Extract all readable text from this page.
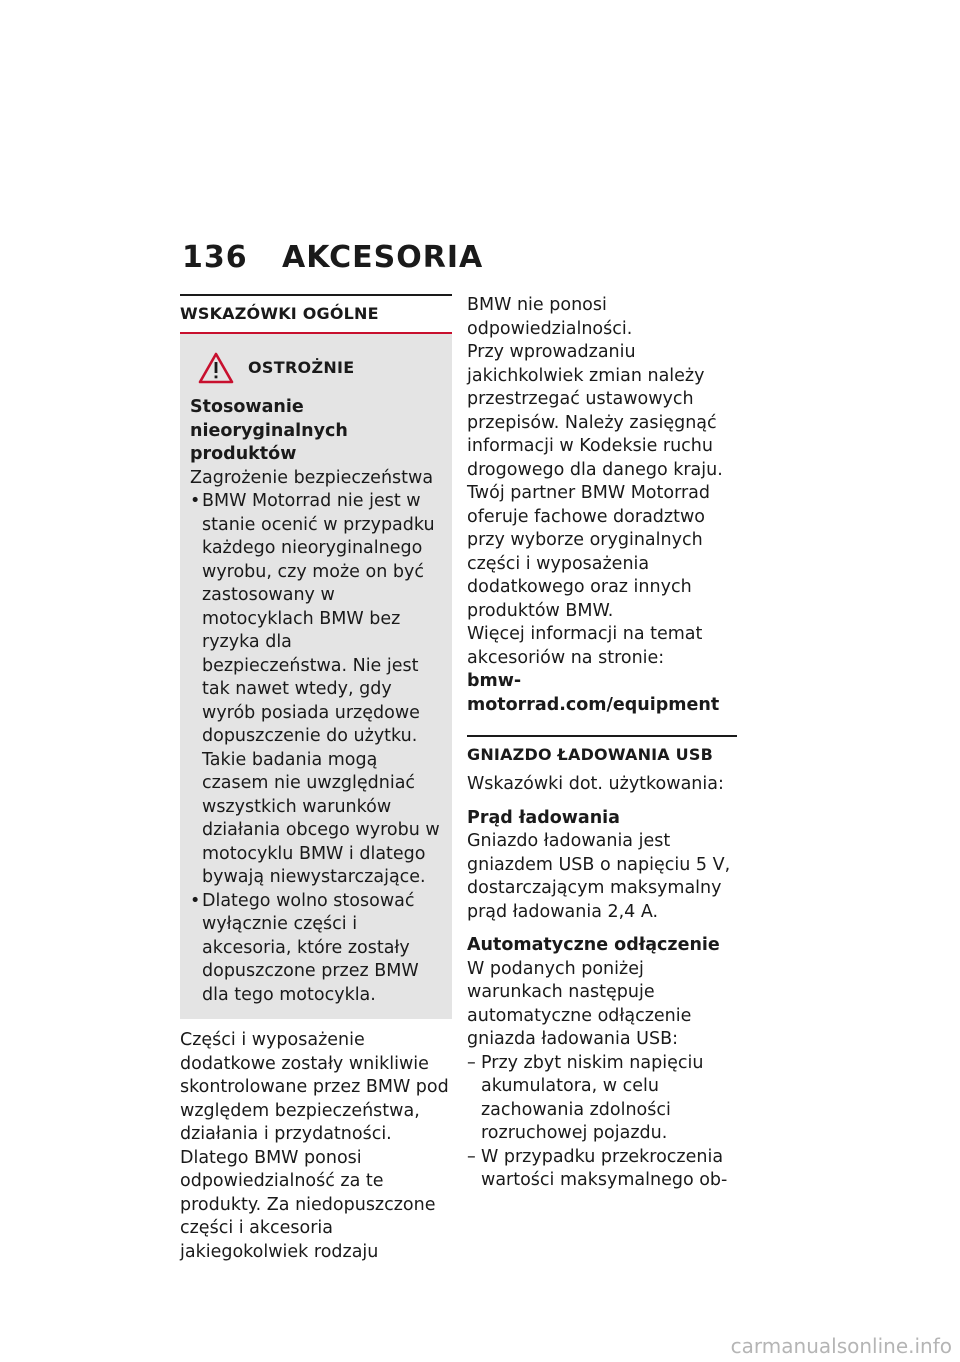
136	AKCESORIA
WSKAZÓWKI OGÓLNE
OSTROŻNIE
Stosowanie nieoryginalnych produktów
Zagrożenie bezpieczeństwa
• BMW Motorrad nie jest w stanie ocenić w przypadku każdego nieoryginalnego wyrobu, czy może on być zastosowany w motocyklach BMW bez ryzyka dla bezpieczeństwa. Nie jest tak nawet wtedy, gdy wyrób posiada urzędowe dopuszczenie do użytku. Takie badania mogą czasem nie uwzględniać wszystkich warunków działania obcego wyrobu w motocyklu BMW i dlatego bywają niewystarczające.
• Dlatego wolno stosować wyłącznie części i akcesoria, które zostały dopuszczone przez BMW dla tego motocykla.
Części i wyposażenie dodatkowe zostały wnikliwie skontrolowane przez BMW pod względem bezpieczeństwa, działania i przydatności. Dlatego BMW ponosi odpowiedzialność za te produkty. Za niedopuszczone części i akcesoria jakiegokolwiek rodzaju
BMW nie ponosi odpowiedzialności.
Przy wprowadzaniu jakichkolwiek zmian należy przestrzegać ustawowych przepisów. Należy zasięgnąć informacji w Kodeksie ruchu drogowego dla danego kraju.
Twój partner BMW Motorrad oferuje fachowe doradztwo przy wyborze oryginalnych części i wyposażenia dodatkowego oraz innych produktów BMW.
Więcej informacji na temat akcesoriów na stronie:
bmw-motorrad.com/equipment
GNIAZDO ŁADOWANIA USB
Wskazówki dot. użytkowania:
Prąd ładowania
Gniazdo ładowania jest gniazdem USB o napięciu 5 V, dostarczającym maksymalny prąd ładowania 2,4 A.
Automatyczne odłączenie
W podanych poniżej warunkach następuje automatyczne odłączenie gniazda ładowania USB:
– Przy zbyt niskim napięciu akumulatora, w celu zachowania zdolności rozruchowej pojazdu.
– W przypadku przekroczenia wartości maksymalnego ob-
carmanualsonline.info
